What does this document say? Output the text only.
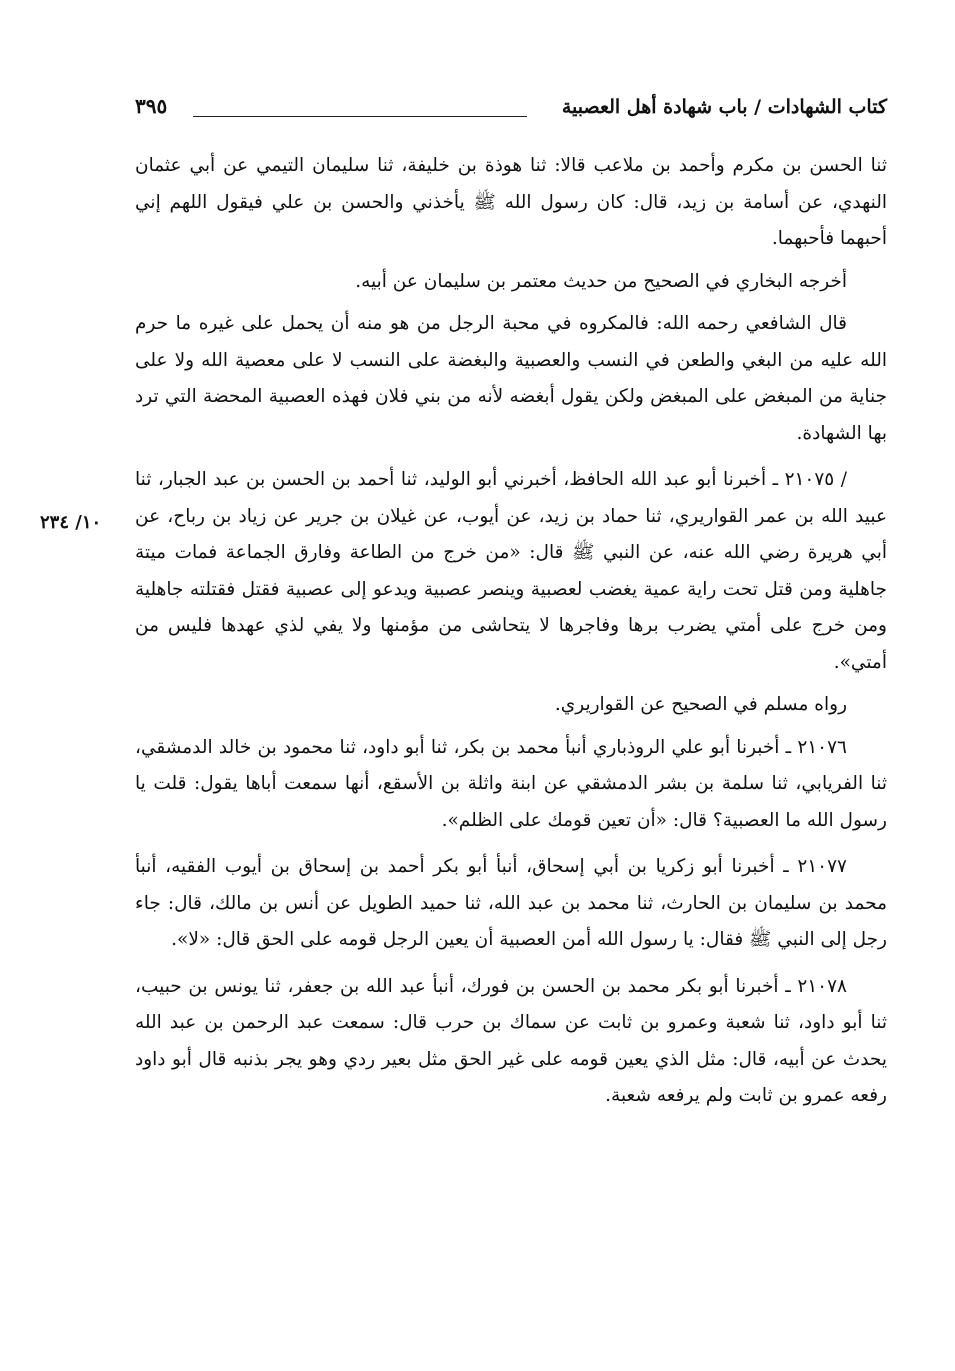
كتاب الشهادات / باب شهادة أهل العصبية
٣٩٥
١٠/ ٢٣٤

ثنا الحسن بن مكرم وأحمد بن ملاعب قالا: ثنا هوذة بن خليفة، ثنا سليمان التيمي عن أبي عثمان النهدي، عن أسامة بن زيد، قال: كان رسول الله ﷺ يأخذني والحسن بن علي فيقول اللهم إني أحبهما فأحبهما.

أخرجه البخاري في الصحيح من حديث معتمر بن سليمان عن أبيه.

قال الشافعي رحمه الله: فالمكروه في محبة الرجل من هو منه أن يحمل على غيره ما حرم الله عليه من البغي والطعن في النسب والعصبية والبغضة على النسب لا على معصية الله ولا على جناية من المبغض على المبغض ولكن يقول أبغضه لأنه من بني فلان فهذه العصبية المحضة التي ترد بها الشهادة.

/ ٢١٠٧٥ ـ أخبرنا أبو عبد الله الحافظ، أخبرني أبو الوليد، ثنا أحمد بن الحسن بن عبد الجبار، ثنا عبيد الله بن عمر القواريري، ثنا حماد بن زيد، عن أيوب، عن غيلان بن جرير عن زياد بن رباح، عن أبي هريرة رضي الله عنه، عن النبي ﷺ قال: «من خرج من الطاعة وفارق الجماعة فمات ميتة جاهلية ومن قتل تحت راية عمية يغضب لعصبية وينصر عصبية ويدعو إلى عصبية فقتل فقتلته جاهلية ومن خرج على أمتي يضرب برها وفاجرها لا يتحاشى من مؤمنها ولا يفي لذي عهدها فليس من أمتي».

رواه مسلم في الصحيح عن القواريري.

٢١٠٧٦ ـ أخبرنا أبو علي الروذباري أنبأ محمد بن بكر، ثنا أبو داود، ثنا محمود بن خالد الدمشقي، ثنا الفريابي، ثنا سلمة بن بشر الدمشقي عن ابنة واثلة بن الأسقع، أنها سمعت أباها يقول: قلت يا رسول الله ما العصبية؟ قال: «أن تعين قومك على الظلم».

٢١٠٧٧ ـ أخبرنا أبو زكريا بن أبي إسحاق، أنبأ أبو بكر أحمد بن إسحاق بن أيوب الفقيه، أنبأ محمد بن سليمان بن الحارث، ثنا محمد بن عبد الله، ثنا حميد الطويل عن أنس بن مالك، قال: جاء رجل إلى النبي ﷺ فقال: يا رسول الله أمن العصبية أن يعين الرجل قومه على الحق قال: «لا».

٢١٠٧٨ ـ أخبرنا أبو بكر محمد بن الحسن بن فورك، أنبأ عبد الله بن جعفر، ثنا يونس بن حبيب، ثنا أبو داود، ثنا شعبة وعمرو بن ثابت عن سماك بن حرب قال: سمعت عبد الرحمن بن عبد الله يحدث عن أبيه، قال: مثل الذي يعين قومه على غير الحق مثل بعير ردي وهو يجر بذنبه قال أبو داود رفعه عمرو بن ثابت ولم يرفعه شعبة.
